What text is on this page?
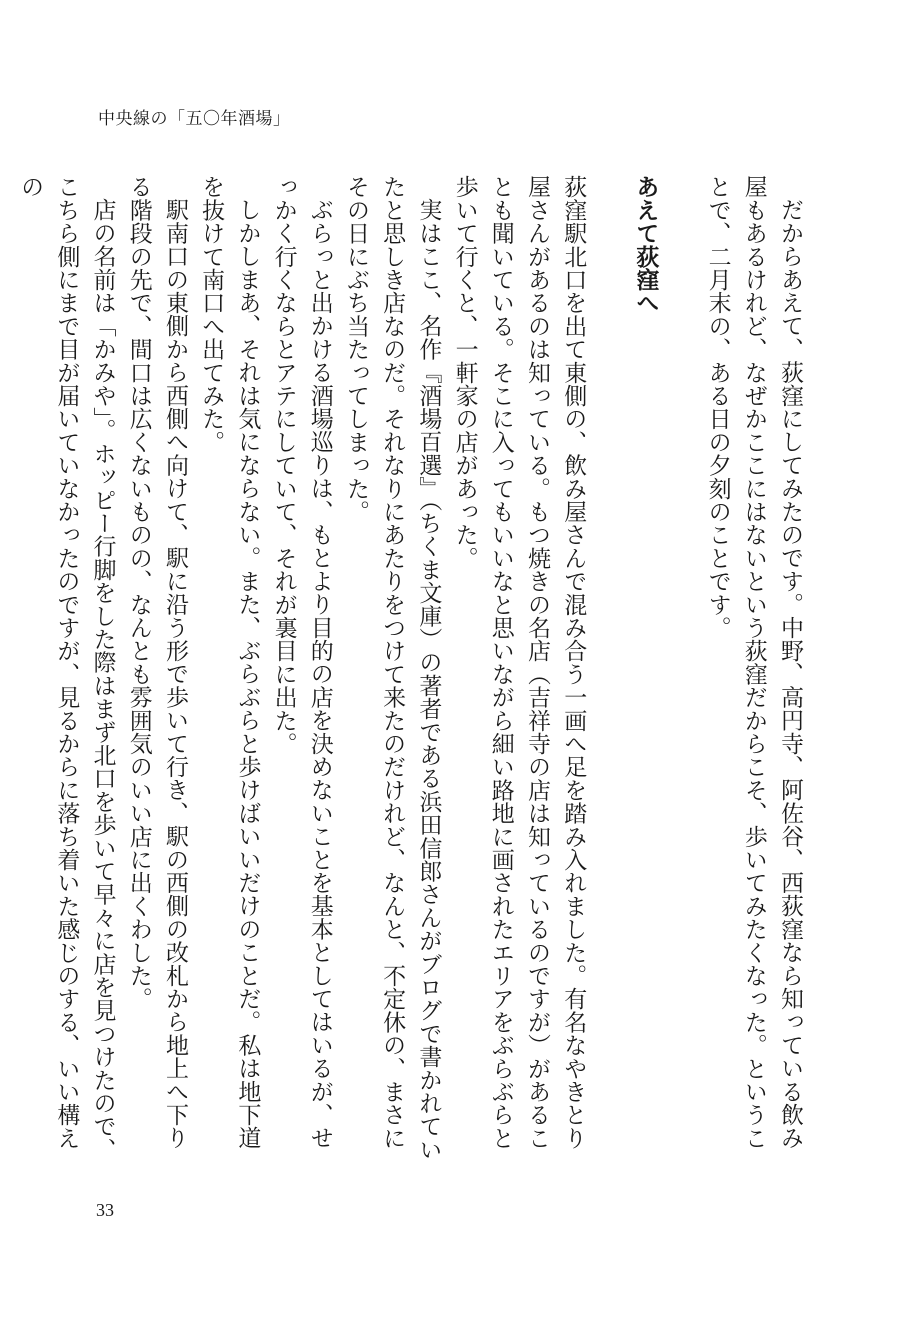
中央線の「五〇年酒場」

だからあえて、荻窪にしてみたのです。中野、高円寺、阿佐谷、西荻窪なら知っている飲み屋もあるけれど、なぜかここにはないという荻窪だからこそ、歩いてみたくなった。ということで、二月末の、ある日の夕刻のことです。

あえて荻窪へ

荻窪駅北口を出て東側の、飲み屋さんで混み合う一画へ足を踏み入れました。有名なやきとり屋さんがあるのは知っている。もつ焼きの名店（吉祥寺の店は知っているのですが）があることも聞いている。そこに入ってもいいなと思いながら細い路地に画されたエリアをぶらぶらと歩いて行くと、一軒家の店があった。

実はここ、名作『酒場百選』（ちくま文庫）の著者である浜田信郎さんがブログで書かれていたと思しき店なのだ。それなりにあたりをつけて来たのだけれど、なんと、不定休の、まさにその日にぶち当たってしまった。

ぶらっと出かける酒場巡りは、もとより目的の店を決めないことを基本としてはいるが、せっかく行くならとアテにしていて、それが裏目に出た。

しかしまあ、それは気にならない。また、ぶらぶらと歩けばいいだけのことだ。私は地下道を抜けて南口へ出てみた。

駅南口の東側から西側へ向けて、駅に沿う形で歩いて行き、駅の西側の改札から地上へ下りる階段の先で、間口は広くないものの、なんとも雰囲気のいい店に出くわした。

店の名前は「かみや」。ホッピー行脚をした際はまず北口を歩いて早々に店を見つけたので、こちら側にまで目が届いていなかったのですが、見るからに落ち着いた感じのする、いい構えの

33
